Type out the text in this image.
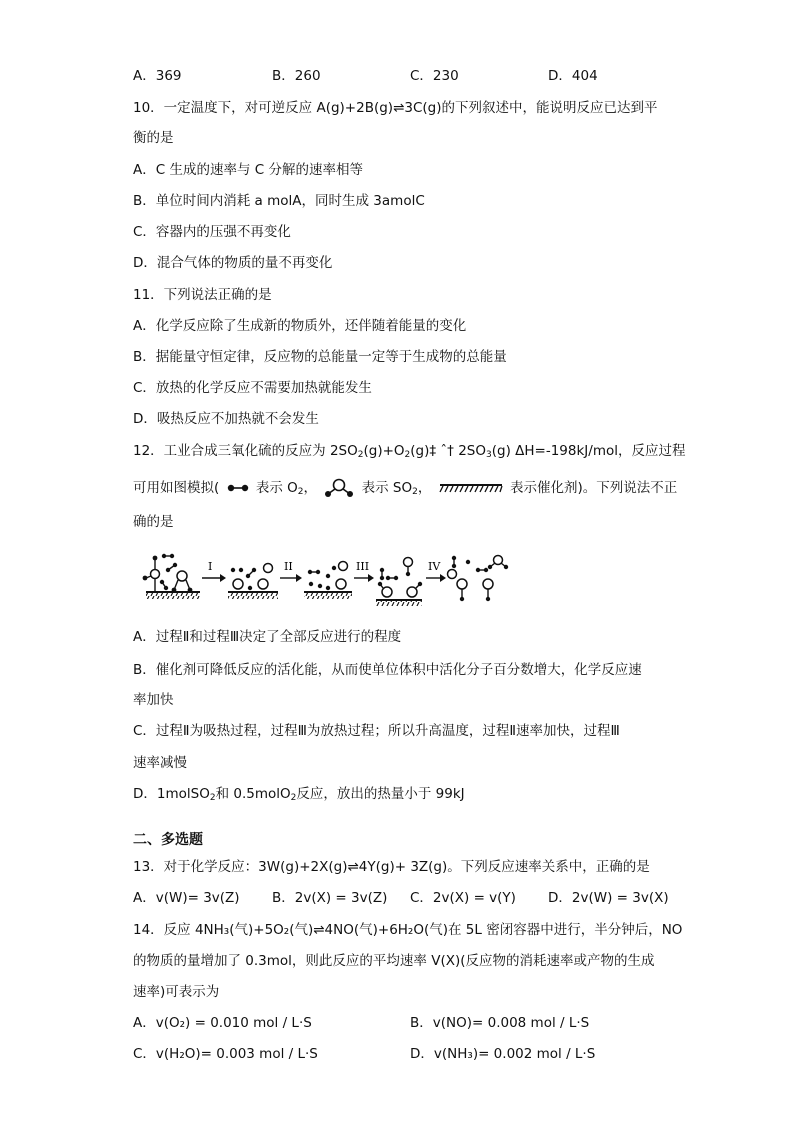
A．369	B．260	C．230	D．404
10．一定温度下，对可逆反应 A(g)+2B(g)⇌3C(g)的下列叙述中，能说明反应已达到平
衡的是
A．C 生成的速率与 C 分解的速率相等
B．单位时间内消耗 a molA，同时生成 3amolC
C．容器内的压强不再变化
D．混合气体的物质的量不再变化
11．下列说法正确的是
A．化学反应除了生成新的物质外，还伴随着能量的变化
B．据能量守恒定律，反应物的总能量一定等于生成物的总能量
C．放热的化学反应不需要加热就能发生
D．吸热反应不加热就不会发生
12．工业合成三氧化硫的反应为 $2SO_2(g)+O_2(g)\ddagger$ ˆ† $2SO_3(g)$ ΔH=-198kJ/mol，反应过程
可用如图模拟(	表示 $O_2$，	表示 $SO_2$，	表示催化剂)。下列说法不正
确的是
I	II	III	IV
A．过程Ⅱ和过程Ⅲ决定了全部反应进行的程度
B．催化剂可降低反应的活化能，从而使单位体积中活化分子百分数增大，化学反应速
率加快
C．过程Ⅱ为吸热过程，过程Ⅲ为放热过程；所以升高温度，过程Ⅱ速率加快，过程Ⅲ
速率减慢
D．1molSO$_2$和 0.5molO$_2$反应，放出的热量小于 99kJ
二、多选题
13．对于化学反应：3W(g)+2X(g)⇌4Y(g)+ 3Z(g)。下列反应速率关系中，正确的是
A．v(W)= 3v(Z) B．2v(X) = 3v(Z) C．2v(X) = v(Y) D．2v(W) = 3v(X)
14．反应 4NH₃(气)+5O₂(气)⇌4NO(气)+6H₂O(气)在 5L 密闭容器中进行，半分钟后，NO
的物质的量增加了 0.3mol，则此反应的平均速率 V(X)(反应物的消耗速率或产物的生成
速率)可表示为
A．v(O₂) = 0.010 mol / L·S	B．v(NO)= 0.008 mol / L·S
C．v(H₂O)= 0.003 mol / L·S	D．v(NH₃)= 0.002 mol / L·S
